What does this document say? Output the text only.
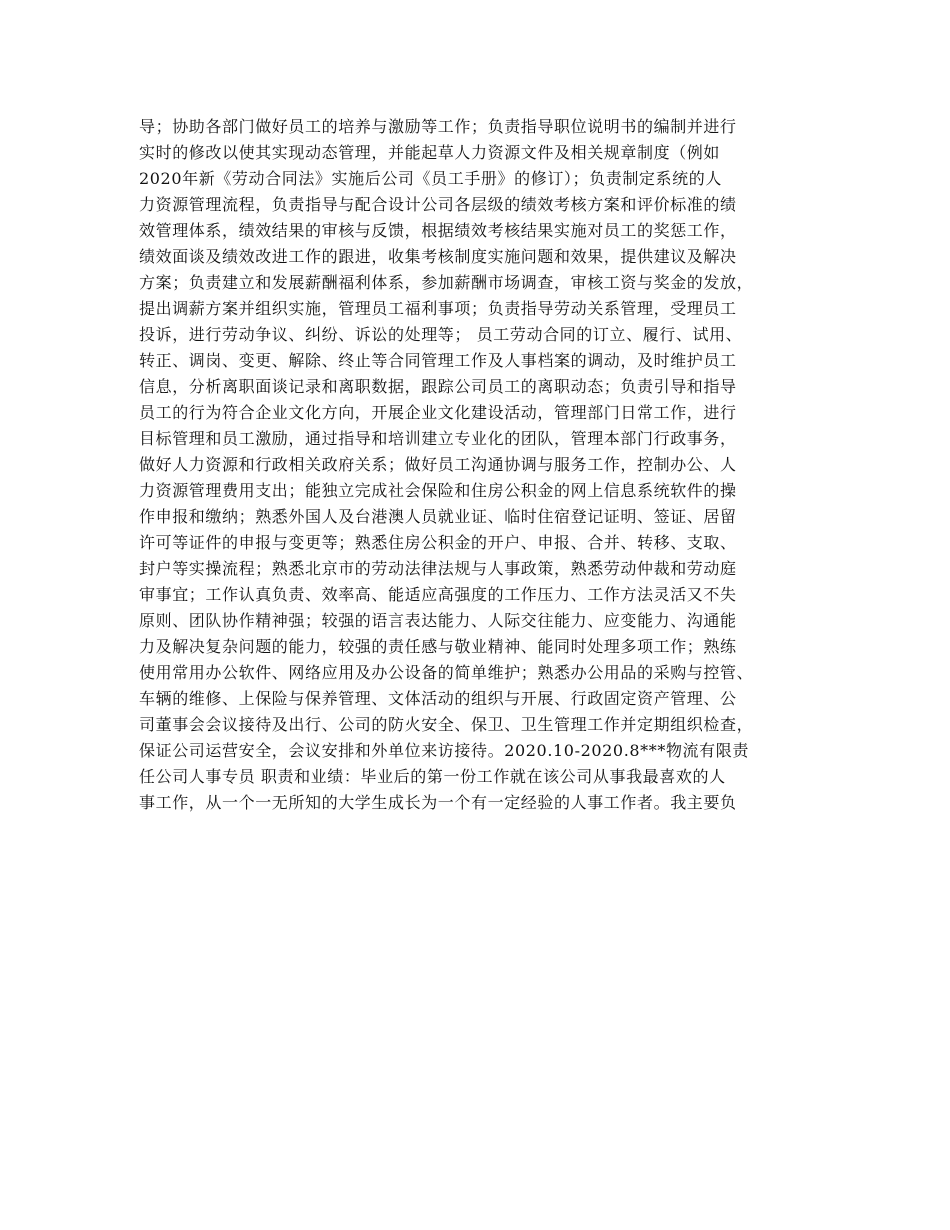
导；协助各部门做好员工的培养与激励等工作；负责指导职位说明书的编制并进行
实时的修改以使其实现动态管理，并能起草人力资源文件及相关规章制度（例如
2020年新《劳动合同法》实施后公司《员工手册》的修订）；负责制定系统的人
力资源管理流程，负责指导与配合设计公司各层级的绩效考核方案和评价标准的绩
效管理体系，绩效结果的审核与反馈，根据绩效考核结果实施对员工的奖惩工作，
绩效面谈及绩效改进工作的跟进，收集考核制度实施问题和效果，提供建议及解决
方案；负责建立和发展薪酬福利体系，参加薪酬市场调查，审核工资与奖金的发放，
提出调薪方案并组织实施，管理员工福利事项；负责指导劳动关系管理，受理员工
投诉，进行劳动争议、纠纷、诉讼的处理等； 员工劳动合同的订立、履行、试用、
转正、调岗、变更、解除、终止等合同管理工作及人事档案的调动，及时维护员工
信息，分析离职面谈记录和离职数据，跟踪公司员工的离职动态；负责引导和指导
员工的行为符合企业文化方向，开展企业文化建设活动，管理部门日常工作，进行
目标管理和员工激励，通过指导和培训建立专业化的团队，管理本部门行政事务，
做好人力资源和行政相关政府关系；做好员工沟通协调与服务工作，控制办公、人
力资源管理费用支出；能独立完成社会保险和住房公积金的网上信息系统软件的操
作申报和缴纳；熟悉外国人及台港澳人员就业证、临时住宿登记证明、签证、居留
许可等证件的申报与变更等；熟悉住房公积金的开户、申报、合并、转移、支取、
封户等实操流程；熟悉北京市的劳动法律法规与人事政策，熟悉劳动仲裁和劳动庭
审事宜；工作认真负责、效率高、能适应高强度的工作压力、工作方法灵活又不失
原则、团队协作精神强；较强的语言表达能力、人际交往能力、应变能力、沟通能
力及解决复杂问题的能力，较强的责任感与敬业精神、能同时处理多项工作；熟练
使用常用办公软件、网络应用及办公设备的简单维护；熟悉办公用品的采购与控管、
车辆的维修、上保险与保养管理、文体活动的组织与开展、行政固定资产管理、公
司董事会会议接待及出行、公司的防火安全、保卫、卫生管理工作并定期组织检查，
保证公司运营安全，会议安排和外单位来访接待。2020.10-2020.8***物流有限责
任公司人事专员 职责和业绩：毕业后的第一份工作就在该公司从事我最喜欢的人
事工作，从一个一无所知的大学生成长为一个有一定经验的人事工作者。我主要负
